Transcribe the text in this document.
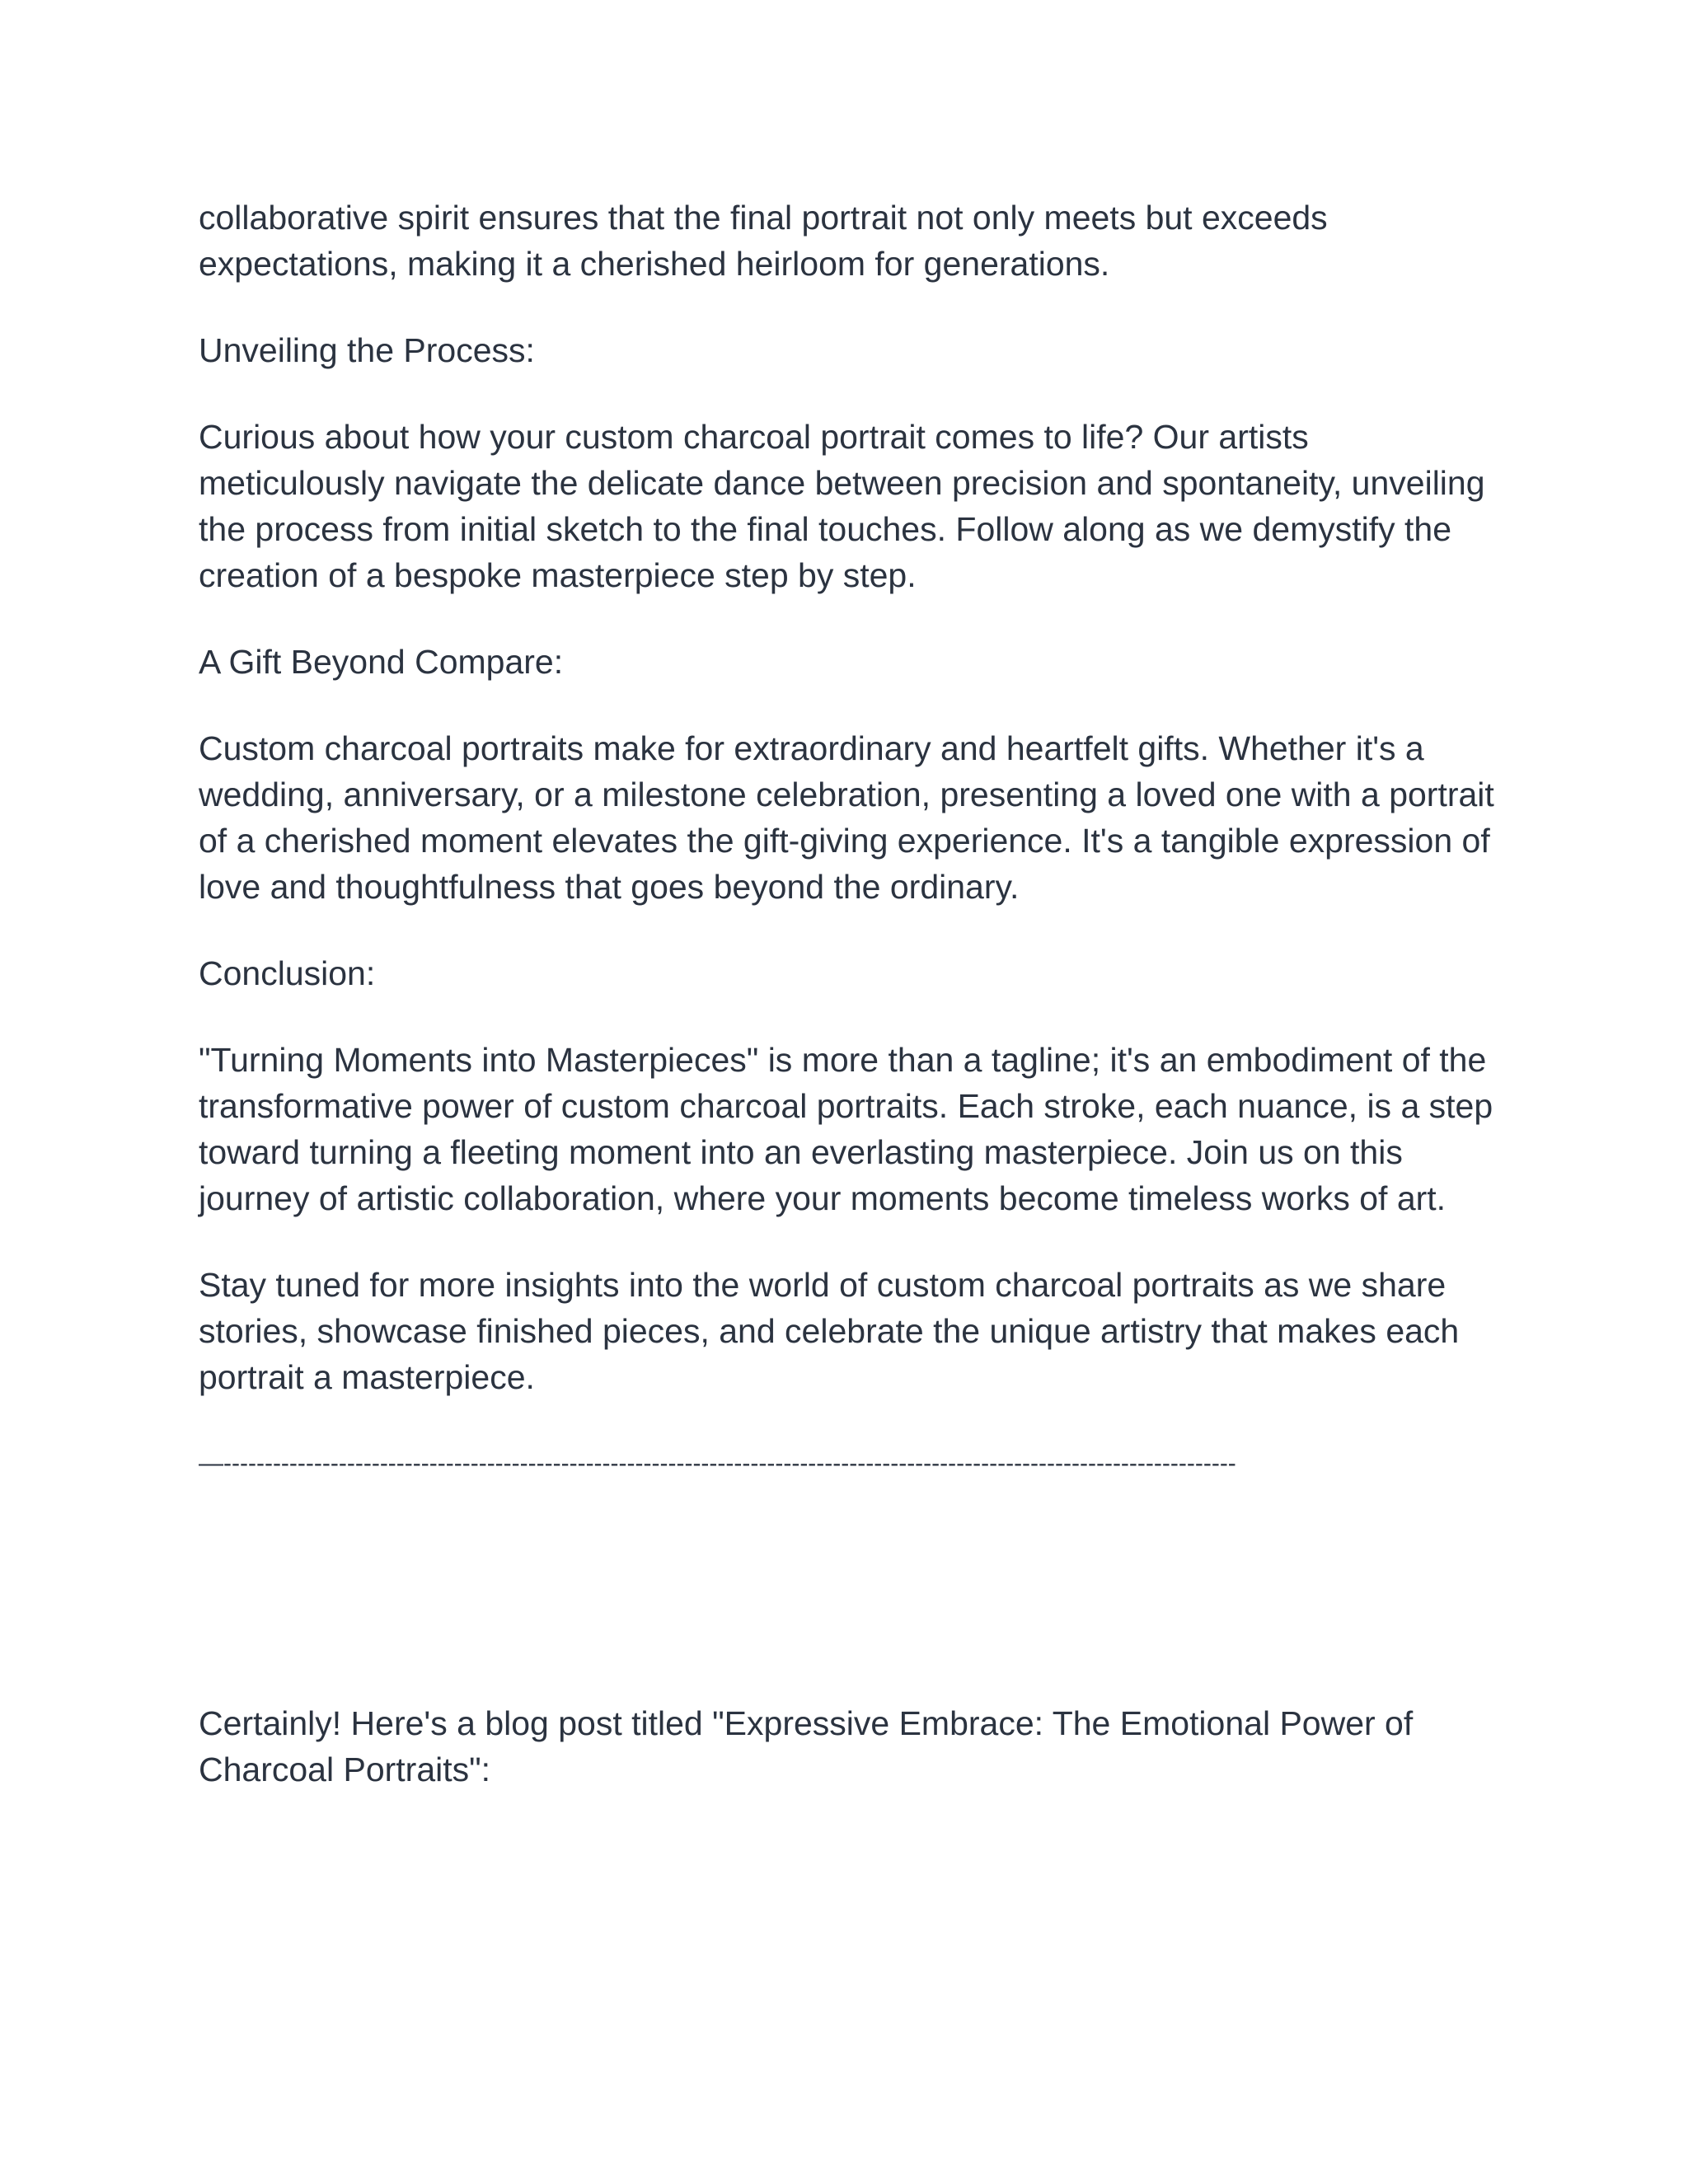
collaborative spirit ensures that the final portrait not only meets but exceeds expectations, making it a cherished heirloom for generations.

Unveiling the Process:

Curious about how your custom charcoal portrait comes to life? Our artists meticulously navigate the delicate dance between precision and spontaneity, unveiling the process from initial sketch to the final touches. Follow along as we demystify the creation of a bespoke masterpiece step by step.

A Gift Beyond Compare:

Custom charcoal portraits make for extraordinary and heartfelt gifts. Whether it's a wedding, anniversary, or a milestone celebration, presenting a loved one with a portrait of a cherished moment elevates the gift-giving experience. It's a tangible expression of love and thoughtfulness that goes beyond the ordinary.

Conclusion:

"Turning Moments into Masterpieces" is more than a tagline; it's an embodiment of the transformative power of custom charcoal portraits. Each stroke, each nuance, is a step toward turning a fleeting moment into an everlasting masterpiece. Join us on this journey of artistic collaboration, where your moments become timeless works of art.

Stay tuned for more insights into the world of custom charcoal portraits as we share stories, showcase finished pieces, and celebrate the unique artistry that makes each portrait a masterpiece.

—---------------------------------------------------------------------------------------------------------------------------

Certainly! Here's a blog post titled "Expressive Embrace: The Emotional Power of Charcoal Portraits":
